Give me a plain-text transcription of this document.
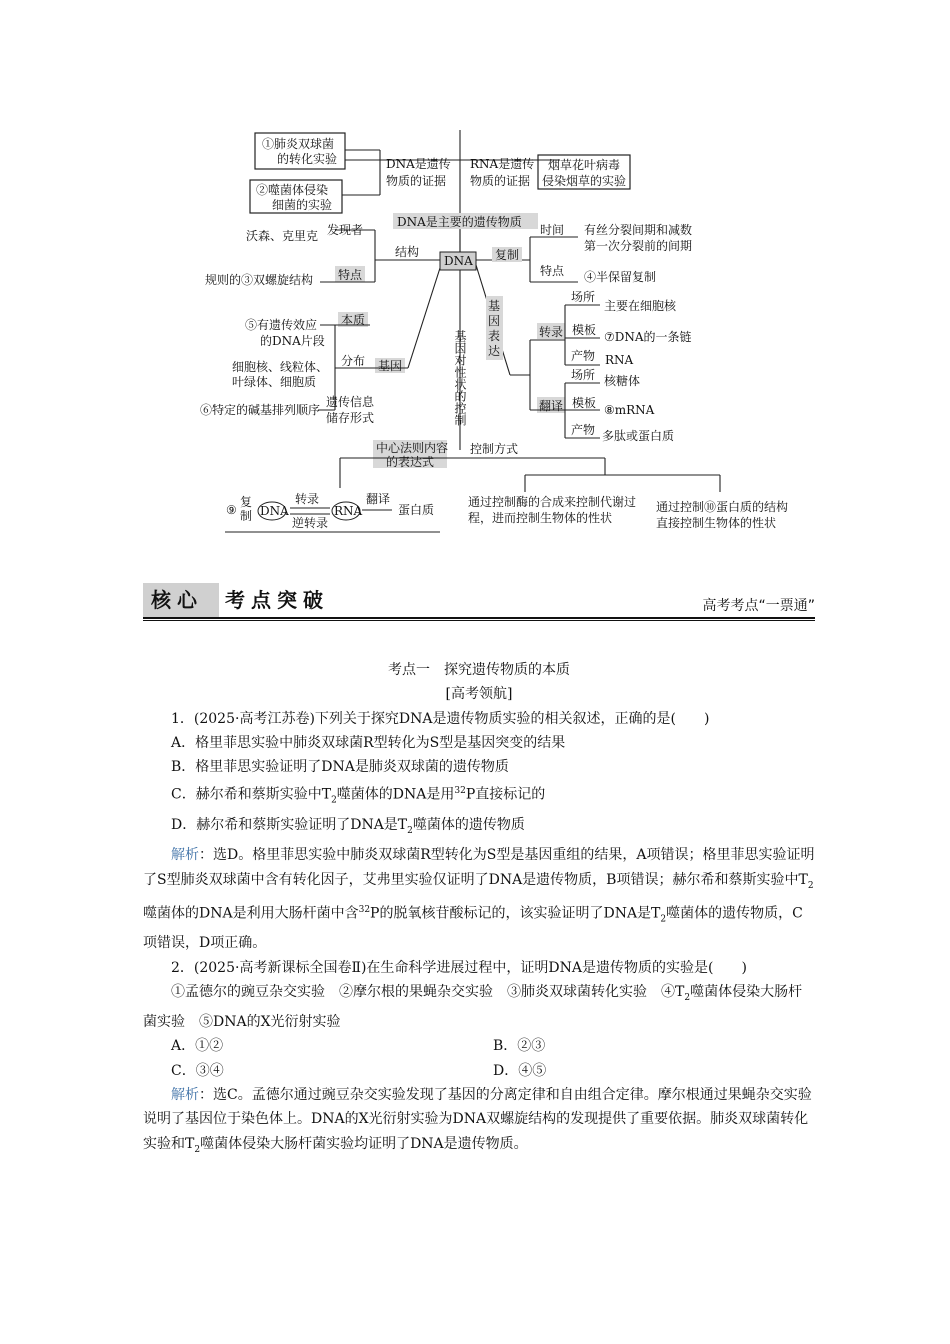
①肺炎双球菌
的转化实验
②噬菌体侵染
细菌的实验
DNA是遗传
物质的证据
RNA是遗传
物质的证据
烟草花叶病毒
侵染烟草的实验
DNA是主要的遗传物质
DNA
发现者
沃森、克里克
结构
特点
规则的③双螺旋结构
复制
时间 有丝分裂间期和减数
第一次分裂前的间期
特点 ④半保留复制
基
因
表
达
转录
场所
主要在细胞核
模板 ⑦DNA的一条链
产物 RNA
翻译
场所 核糖体
模板 ⑧mRNA
产物 多肽或蛋白质
基因对性状的控制
基因
本质
⑤有遗传效应
的DNA片段
分布
细胞核、线粒体、
叶绿体、细胞质
遗传信息
储存形式
⑥特定的碱基排列顺序
中心法则内容
的表达式
控制方式
通过控制酶的合成来控制代谢过
程，进而控制生物体的性状
通过控制⑩蛋白质的结构
直接控制生物体的性状
⑨
复
制 DNA
转录
逆转录
RNA
翻译
蛋白质
核心	考点突破	高考考点“一票通”
考点一　探究遗传物质的本质
[高考领航]
1．(2025·高考江苏卷)下列关于探究DNA是遗传物质实验的相关叙述，正确的是(　　)
A．格里菲思实验中肺炎双球菌R型转化为S型是基因突变的结果
B．格里菲思实验证明了DNA是肺炎双球菌的遗传物质
C．赫尔希和蔡斯实验中$T_2$噬菌体的DNA是用$^{32}$P直接标记的
D．赫尔希和蔡斯实验证明了DNA是$T_2$噬菌体的遗传物质
解析：选D。格里菲思实验中肺炎双球菌R型转化为S型是基因重组的结果，A项错误；格里菲思实验证明了S型肺炎双球菌中含有转化因子，艾弗里实验仅证明了DNA是遗传物质，B项错误；赫尔希和蔡斯实验中$T_2$噬菌体的DNA是利用大肠杆菌中含$^{32}$P的脱氧核苷酸标记的，该实验证明了DNA是$T_2$噬菌体的遗传物质，C项错误，D项正确。
2．(2025·高考新课标全国卷Ⅱ)在生命科学进展过程中，证明DNA是遗传物质的实验是(　　)
①孟德尔的豌豆杂交实验　②摩尔根的果蝇杂交实验　③肺炎双球菌转化实验　$④T_2$噬菌体侵染大肠杆菌实验　⑤DNA的X光衍射实验
A．①②	B．②③
C．③④	D．④⑤
解析：选C。孟德尔通过豌豆杂交实验发现了基因的分离定律和自由组合定律。摩尔根通过果蝇杂交实验说明了基因位于染色体上。DNA的X光衍射实验为DNA双螺旋结构的发现提供了重要依据。肺炎双球菌转化实验和$T_2$噬菌体侵染大肠杆菌实验均证明了DNA是遗传物质。
